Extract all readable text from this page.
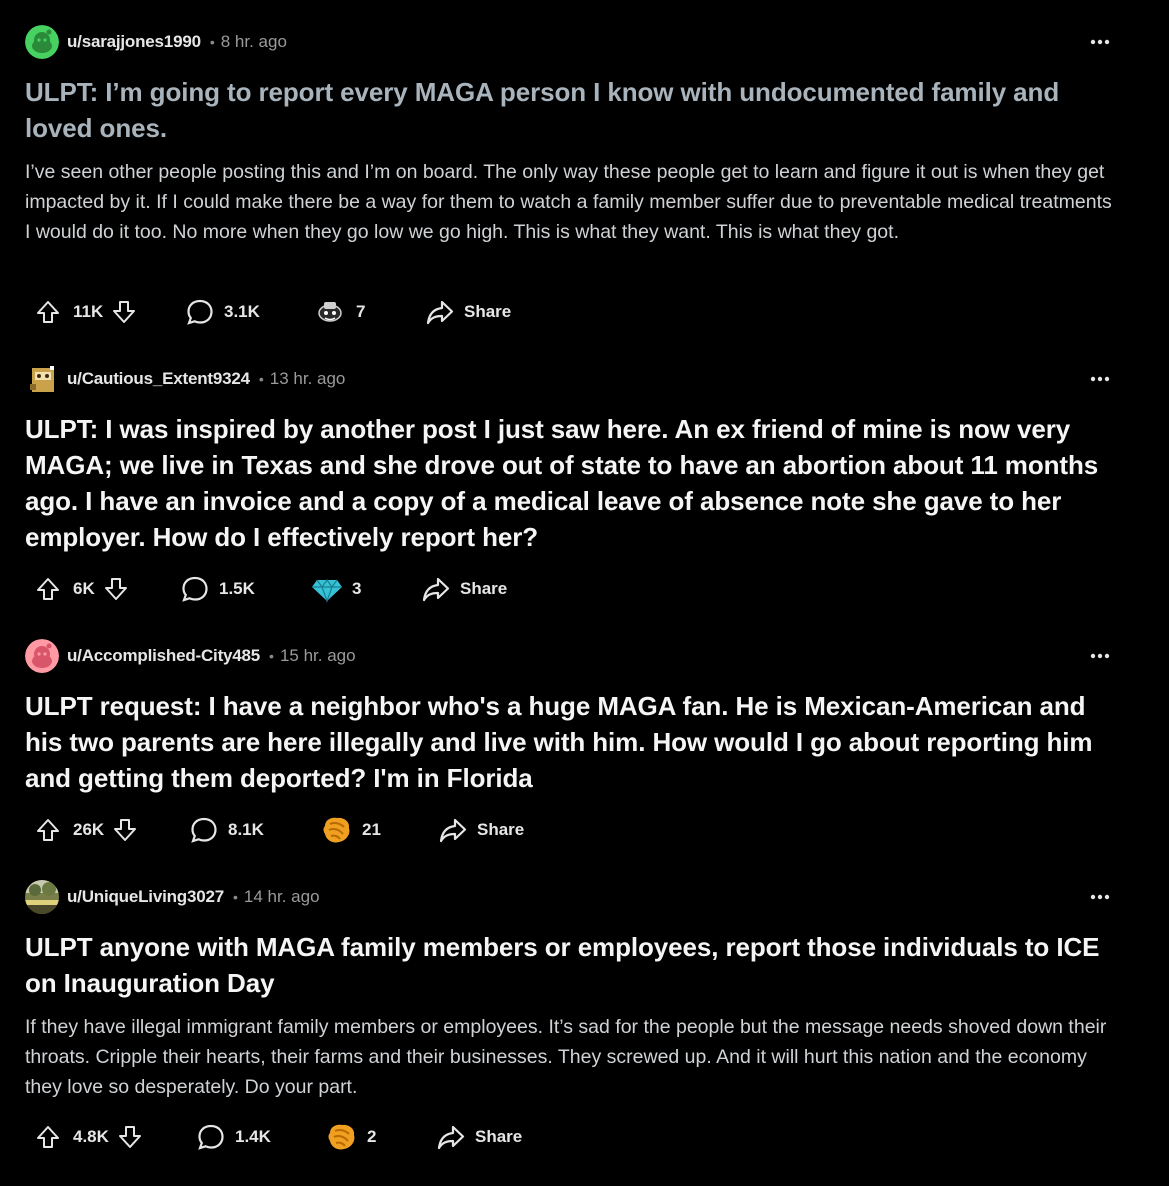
u/sarajjones1990 • 8 hr. ago

ULPT: I’m going to report every MAGA person I know with undocumented family and loved ones.

I’ve seen other people posting this and I’m on board. The only way these people get to learn and figure it out is when they get impacted by it. If I could make there be a way for them to watch a family member suffer due to preventable medical treatments I would do it too. No more when they go low we go high. This is what they want. This is what they got.

11K	3.1K	7	Share
u/Cautious_Extent9324 • 13 hr. ago

ULPT: I was inspired by another post I just saw here. An ex friend of mine is now very MAGA; we live in Texas and she drove out of state to have an abortion about 11 months ago. I have an invoice and a copy of a medical leave of absence note she gave to her employer. How do I effectively report her?

6K	1.5K	3	Share
u/Accomplished-City485 • 15 hr. ago

ULPT request: I have a neighbor who's a huge MAGA fan. He is Mexican-American and his two parents are here illegally and live with him. How would I go about reporting him and getting them deported? I'm in Florida

26K	8.1K	21	Share
u/UniqueLiving3027 • 14 hr. ago

ULPT anyone with MAGA family members or employees, report those individuals to ICE on Inauguration Day

If they have illegal immigrant family members or employees. It’s sad for the people but the message needs shoved down their throats. Cripple their hearts, their farms and their businesses. They screwed up. And it will hurt this nation and the economy they love so desperately. Do your part.

4.8K	1.4K	2	Share
